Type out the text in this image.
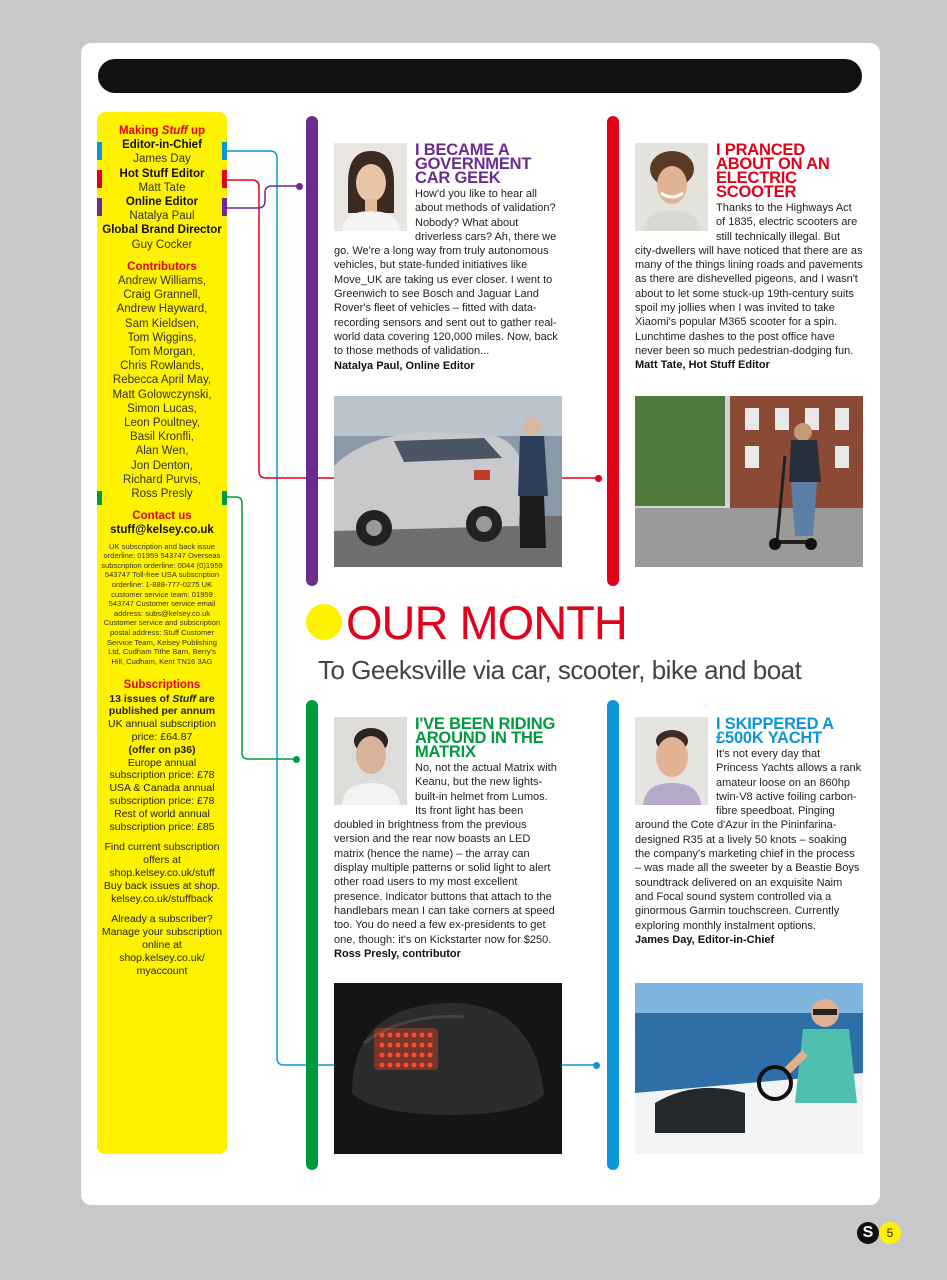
Making Stuff up
Editor-in-Chief
James Day
Hot Stuff Editor
Matt Tate
Online Editor
Natalya Paul
Global Brand Director
Guy Cocker
Contributors
Andrew Williams,
Craig Grannell,
Andrew Hayward,
Sam Kieldsen,
Tom Wiggins,
Tom Morgan,
Chris Rowlands,
Rebecca April May,
Matt Golowczynski,
Simon Lucas,
Leon Poultney,
Basil Kronfli,
Alan Wen,
Jon Denton,
Richard Purvis,
Ross Presly
Contact us
stuff@kelsey.co.uk
UK subscription and back issue orderline: 01959 543747 Overseas subscription orderline: 0044 (0)1959 543747 Toll-free USA subscription orderline: 1-888-777-0275 UK customer service team: 01959 543747 Customer service email address: subs@kelsey.co.uk Customer service and subscription postal address: Stuff Customer Service Team, Kelsey Publishing Ltd, Cudham Tithe Barn, Berry's Hill, Cudham, Kent TN16 3AG
Subscriptions
13 issues of Stuff are published per annum
UK annual subscription price: £64.87
(offer on p36)
Europe annual subscription price: £78 USA & Canada annual subscription price: £78 Rest of world annual subscription price: £85
Find current subscription offers at shop.kelsey.co.uk/stuff Buy back issues at shop. kelsey.co.uk/stuffback
Already a subscriber? Manage your subscription online at shop.kelsey.co.uk/ myaccount
I BECAME A GOVERNMENT CAR GEEK

How'd you like to hear all about methods of validation? Nobody? What about driverless cars? Ah, there we go. We're a long way from truly autonomous vehicles, but state-funded initiatives like Move_UK are taking us ever closer. I went to Greenwich to see Bosch and Jaguar Land Rover's fleet of vehicles – fitted with data-recording sensors and sent out to gather real-world data covering 120,000 miles. Now, back to those methods of validation...

Natalya Paul, Online Editor

I PRANCED ABOUT ON AN ELECTRIC SCOOTER

Thanks to the Highways Act of 1835, electric scooters are still technically illegal. But city-dwellers will have noticed that there are as many of the things lining roads and pavements as there are dishevelled pigeons, and I wasn't about to let some stuck-up 19th-century suits spoil my jollies when I was invited to take Xiaomi's popular M365 scooter for a spin. Lunchtime dashes to the post office have never been so much pedestrian-dodging fun.

Matt Tate, Hot Stuff Editor

OUR MONTH
To Geeksville via car, scooter, bike and boat
I'VE BEEN RIDING AROUND IN THE MATRIX

No, not the actual Matrix with Keanu, but the new lights-built-in helmet from Lumos. Its front light has been doubled in brightness from the previous version and the rear now boasts an LED matrix (hence the name) – the array can display multiple patterns or solid light to alert other road users to my most excellent presence. Indicator buttons that attach to the handlebars mean I can take corners at speed too. You do need a few ex-presidents to get one, though: it's on Kickstarter now for $250.

Ross Presly, contributor

I SKIPPERED A £500K YACHT

It's not every day that Princess Yachts allows a rank amateur loose on an 860hp twin-V8 active foiling carbon-fibre speedboat. Pinging around the Cote d'Azur in the Pininfarina-designed R35 at a lively 50 knots – soaking the company's marketing chief in the process – was made all the sweeter by a Beastie Boys soundtrack delivered on an exquisite Naim and Focal sound system controlled via a ginormous Garmin touchscreen. Currently exploring monthly instalment options.

James Day, Editor-in-Chief

S	5
